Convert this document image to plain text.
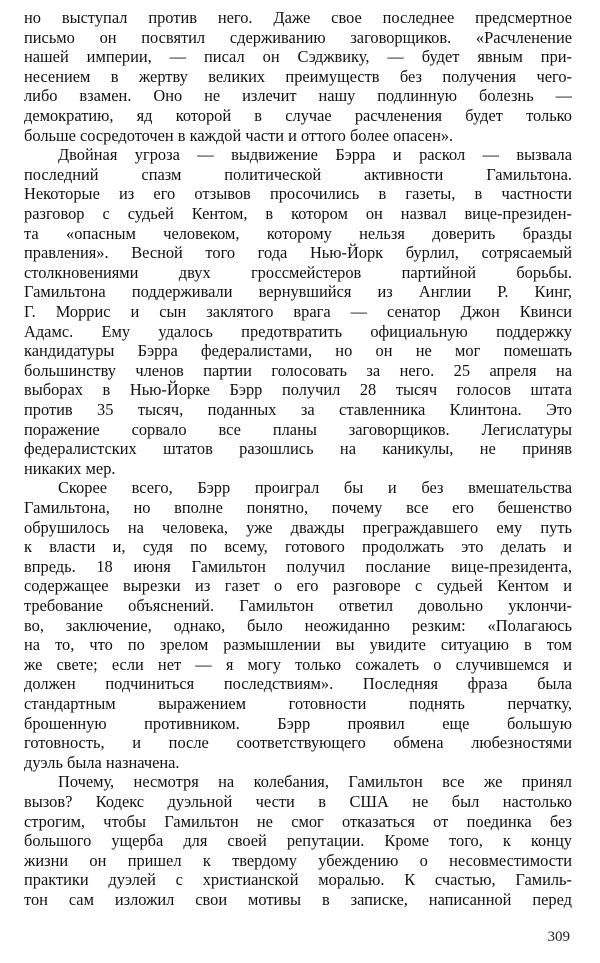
но выступал против него. Даже свое последнее предсмертное
письмо он посвятил сдерживанию заговорщиков. «Расчленение
нашей империи, — писал он Сэджвику, — будет явным при-
несением в жертву великих преимуществ без получения чего-
либо взамен. Оно не излечит нашу подлинную болезнь —
демократию, яд которой в случае расчленения будет только
больше сосредоточен в каждой части и оттого более опасен».
Двойная угроза — выдвижение Бэрра и раскол — вызвала
последний спазм политической активности Гамильтона.
Некоторые из его отзывов просочились в газеты, в частности
разговор с судьей Кентом, в котором он назвал вице-президен-
та «опасным человеком, которому нельзя доверить бразды
правления». Весной того года Нью-Йорк бурлил, сотрясаемый
столкновениями двух гроссмейстеров партийной борьбы.
Гамильтона поддерживали вернувшийся из Англии Р. Кинг,
Г. Моррис и сын заклятого врага — сенатор Джон Квинси
Адамс. Ему удалось предотвратить официальную поддержку
кандидатуры Бэрра федералистами, но он не мог помешать
большинству членов партии голосовать за него. 25 апреля на
выборах в Нью-Йорке Бэрр получил 28 тысяч голосов штата
против 35 тысяч, поданных за ставленника Клинтона. Это
поражение сорвало все планы заговорщиков. Легислатуры
федералистских штатов разошлись на каникулы, не приняв
никаких мер.
Скорее всего, Бэрр проиграл бы и без вмешательства
Гамильтона, но вполне понятно, почему все его бешенство
обрушилось на человека, уже дважды преграждавшего ему путь
к власти и, судя по всему, готового продолжать это делать и
впредь. 18 июня Гамильтон получил послание вице-президента,
содержащее вырезки из газет о его разговоре с судьей Кентом и
требование объяснений. Гамильтон ответил довольно уклончи-
во, заключение, однако, было неожиданно резким: «Полагаюсь
на то, что по зрелом размышлении вы увидите ситуацию в том
же свете; если нет — я могу только сожалеть о случившемся и
должен подчиниться последствиям». Последняя фраза была
стандартным выражением готовности поднять перчатку,
брошенную противником. Бэрр проявил еще большую
готовность, и после соответствующего обмена любезностями
дуэль была назначена.
Почему, несмотря на колебания, Гамильтон все же принял
вызов? Кодекс дуэльной чести в США не был настолько
строгим, чтобы Гамильтон не смог отказаться от поединка без
большого ущерба для своей репутации. Кроме того, к концу
жизни он пришел к твердому убеждению о несовместимости
практики дуэлей с христианской моралью. К счастью, Гамиль-
тон сам изложил свои мотивы в записке, написанной перед
309
